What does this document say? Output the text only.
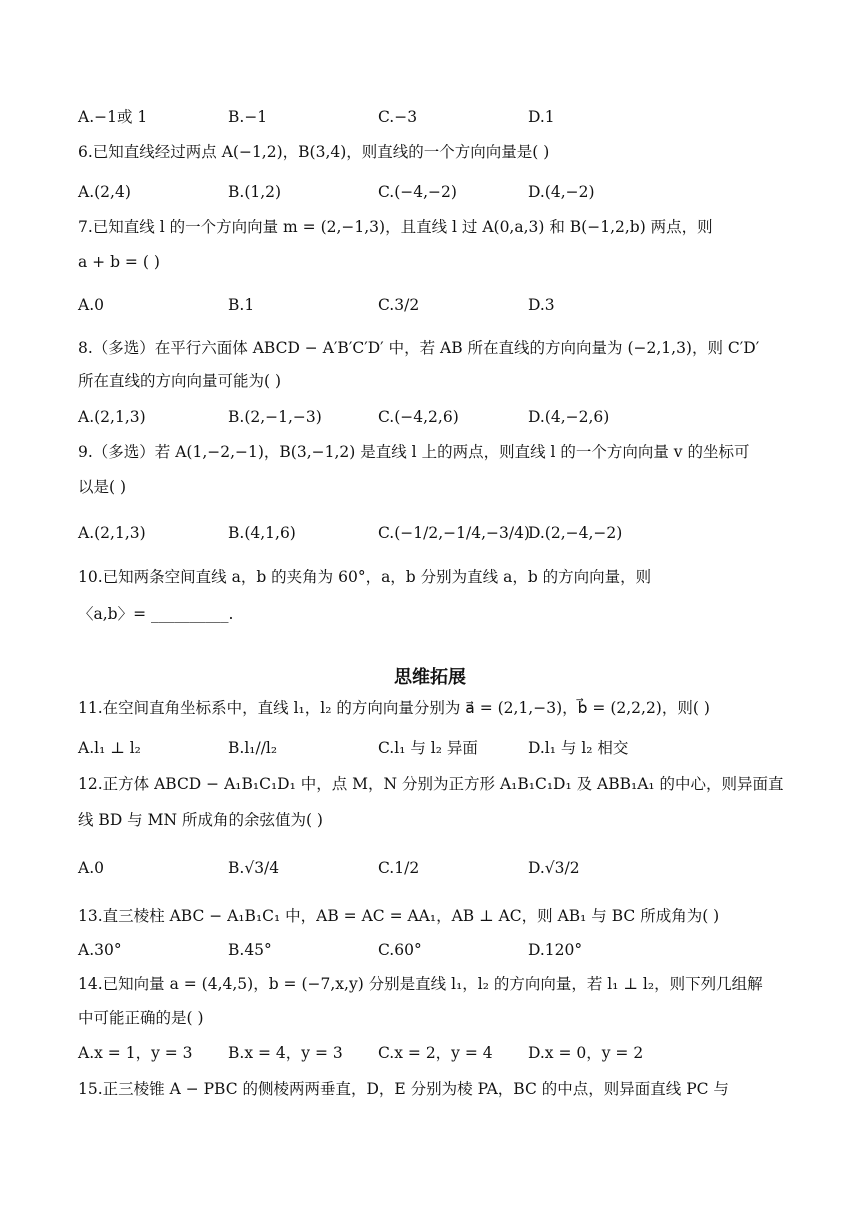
A.−1或 1	B.−1	C.−3	D.1
6.已知直线经过两点 A(−1,2)，B(3,4)，则直线的一个方向向量是( )
A.(2,4)	B.(1,2)	C.(−4,−2)	D.(4,−2)
7.已知直线 l 的一个方向向量 m = (2,−1,3)，且直线 l 过 A(0,a,3) 和 B(−1,2,b) 两点，则
a + b = ( )
A.0	B.1	C.3/2	D.3
8.（多选）在平行六面体 ABCD − A′B′C′D′ 中，若 AB 所在直线的方向向量为 (−2,1,3)，则 C′D′
所在直线的方向向量可能为( )
A.(2,1,3)	B.(2,−1,−3)	C.(−4,2,6)	D.(4,−2,6)
9.（多选）若 A(1,−2,−1)，B(3,−1,2) 是直线 l 上的两点，则直线 l 的一个方向向量 v 的坐标可
以是( )
A.(2,1,3)	B.(4,1,6)	C.(−1/2,−1/4,−3/4)
D.(2,−4,−2)
10.已知两条空间直线 a，b 的夹角为 60°，a，b 分别为直线 a，b 的方向向量，则
〈a,b〉= __________.
思维拓展
11.在空间直角坐标系中，直线 l₁，l₂ 的方向向量分别为 a⃗ = (2,1,−3)，b⃗ = (2,2,2)，则( )
A.l₁ ⊥ l₂	B.l₁//l₂	C.l₁ 与 l₂ 异面	D.l₁ 与 l₂ 相交
12.正方体 ABCD − A₁B₁C₁D₁ 中，点 M，N 分别为正方形 A₁B₁C₁D₁ 及 ABB₁A₁ 的中心，则异面直
线 BD 与 MN 所成角的余弦值为( )
A.0	B.√3/4	C.1/2	D.√3/2
13.直三棱柱 ABC − A₁B₁C₁ 中，AB = AC = AA₁，AB ⊥ AC，则 AB₁ 与 BC 所成角为( )
A.30°	B.45°	C.60°	D.120°
14.已知向量 a = (4,4,5)，b = (−7,x,y) 分别是直线 l₁，l₂ 的方向向量，若 l₁ ⊥ l₂，则下列几组解
中可能正确的是( )
A.x = 1，y = 3 B.x = 4，y = 3 C.x = 2，y = 4 D.x = 0，y = 2
15.正三棱锥 A − PBC 的侧棱两两垂直，D，E 分别为棱 PA，BC 的中点，则异面直线 PC 与
